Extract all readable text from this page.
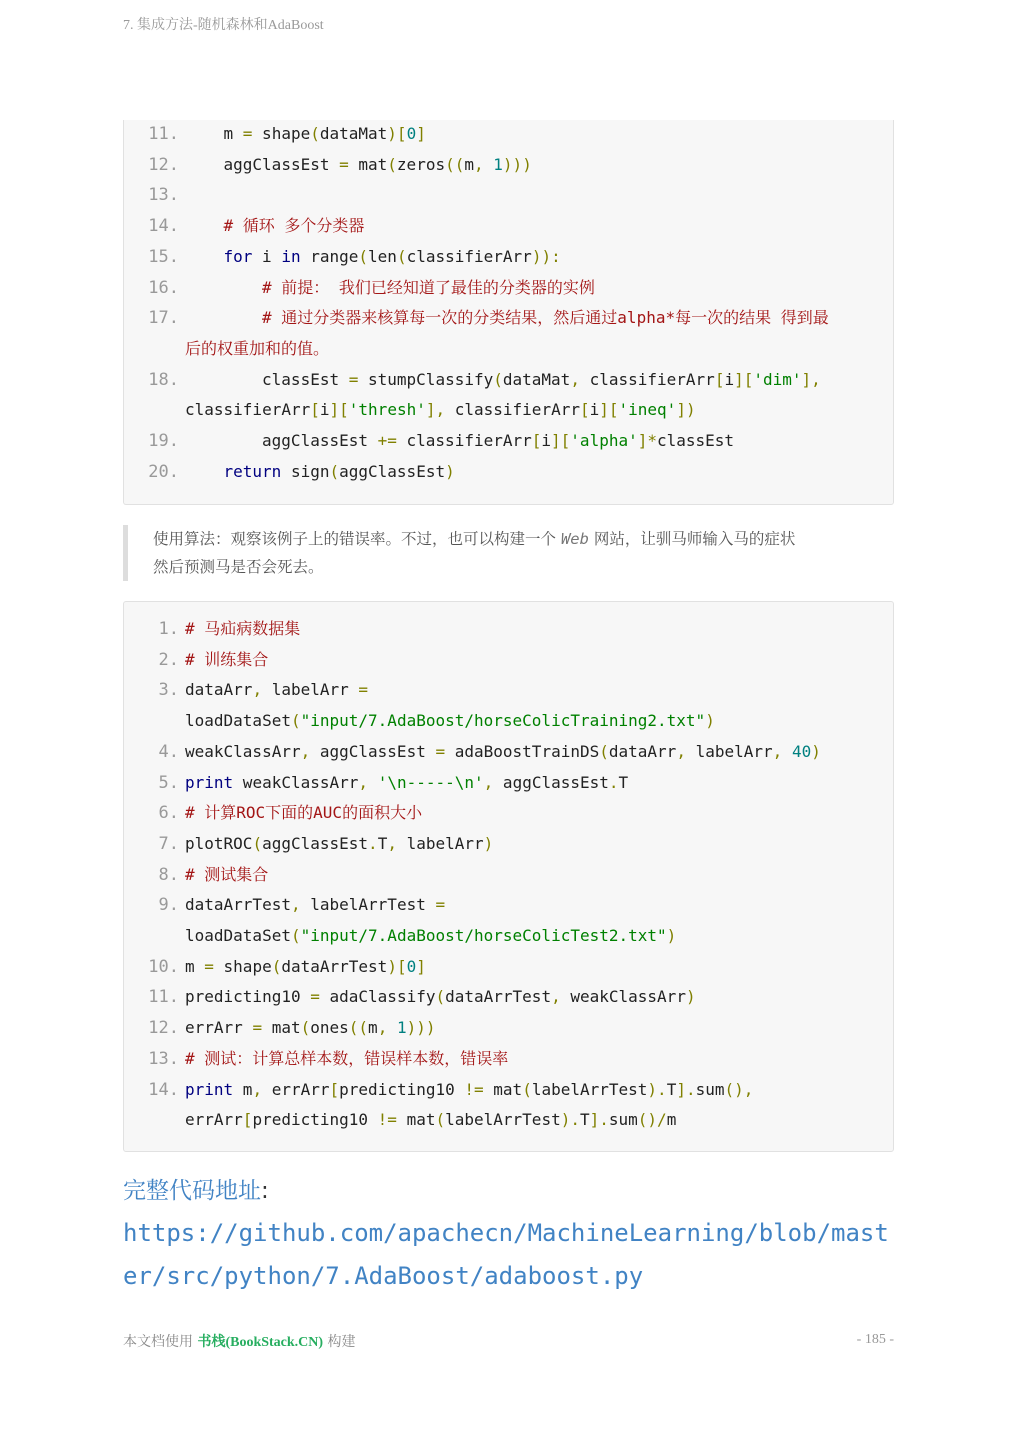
7. 集成方法-随机森林和AdaBoost
11.	m = shape(dataMat)[0]
12.	aggClassEst = mat(zeros((m, 1)))
13.
14.	# 循环 多个分类器
15.	for i in range(len(classifierArr)):
16.	# 前提： 我们已经知道了最佳的分类器的实例
17.	# 通过分类器来核算每一次的分类结果，然后通过alpha*每一次的结果 得到最
后的权重加和的值。
18.	classEst = stumpClassify(dataMat, classifierArr[i]['dim'],
classifierArr[i]['thresh'], classifierArr[i]['ineq'])
19.	aggClassEst += classifierArr[i]['alpha']*classEst
20.	return sign(aggClassEst)
使用算法：观察该例子上的错误率。不过，也可以构建一个 Web 网站，让驯马师输入马的症状
然后预测马是否会死去。
1. # 马疝病数据集
2. # 训练集合
3. dataArr, labelArr =
loadDataSet("input/7.AdaBoost/horseColicTraining2.txt")
4. weakClassArr, aggClassEst = adaBoostTrainDS(dataArr, labelArr, 40)
5. print weakClassArr, '\n-----\n', aggClassEst.T
6. # 计算ROC下面的AUC的面积大小
7. plotROC(aggClassEst.T, labelArr)
8. # 测试集合
9. dataArrTest, labelArrTest =
loadDataSet("input/7.AdaBoost/horseColicTest2.txt")
10. m = shape(dataArrTest)[0]
11. predicting10 = adaClassify(dataArrTest, weakClassArr)
12. errArr = mat(ones((m, 1)))
13. # 测试：计算总样本数，错误样本数，错误率
14. print m, errArr[predicting10 != mat(labelArrTest).T].sum(),
errArr[predicting10 != mat(labelArrTest).T].sum()/m
完整代码地址:
https://github.com/apachecn/MachineLearning/blob/master/src/python/7.AdaBoost/adaboost.py
本文档使用 书栈(BookStack.CN) 构建	- 185 -
